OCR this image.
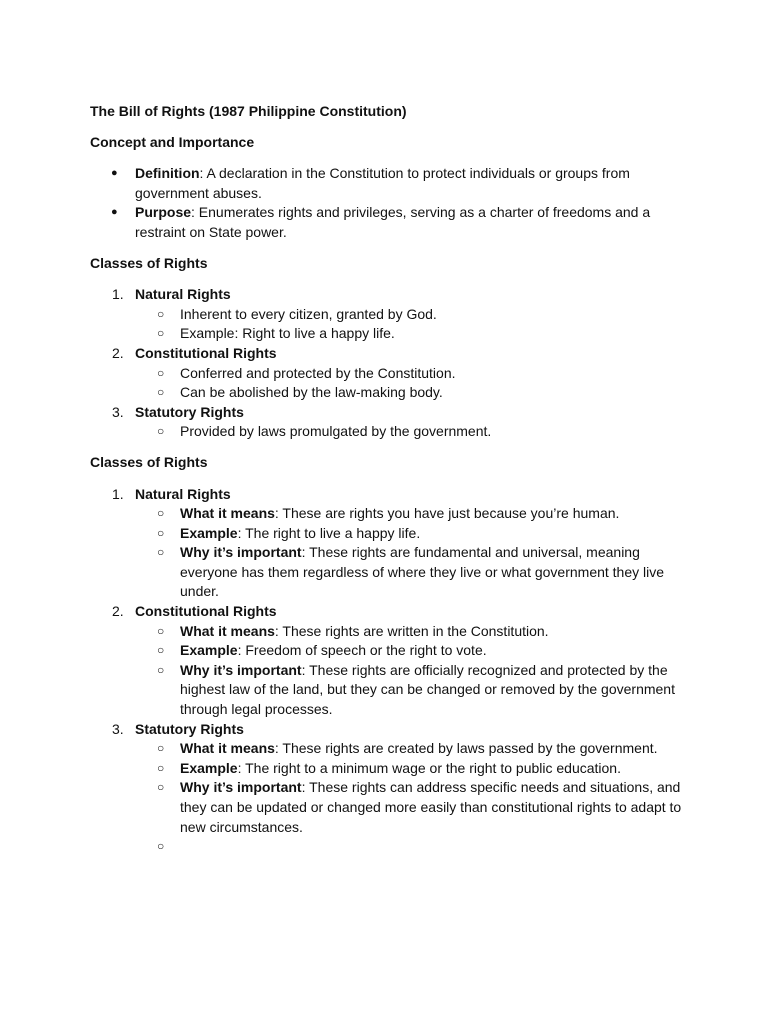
The Bill of Rights (1987 Philippine Constitution)
Concept and Importance
● Definition: A declaration in the Constitution to protect individuals or groups from government abuses.
● Purpose: Enumerates rights and privileges, serving as a charter of freedoms and a restraint on State power.
Classes of Rights
1. Natural Rights
○ Inherent to every citizen, granted by God.
○ Example: Right to live a happy life.
2. Constitutional Rights
○ Conferred and protected by the Constitution.
○ Can be abolished by the law-making body.
3. Statutory Rights
○ Provided by laws promulgated by the government.
Classes of Rights
1. Natural Rights
○ What it means: These are rights you have just because you’re human.
○ Example: The right to live a happy life.
○ Why it’s important: These rights are fundamental and universal, meaning everyone has them regardless of where they live or what government they live under.
2. Constitutional Rights
○ What it means: These rights are written in the Constitution.
○ Example: Freedom of speech or the right to vote.
○ Why it’s important: These rights are officially recognized and protected by the highest law of the land, but they can be changed or removed by the government through legal processes.
3. Statutory Rights
○ What it means: These rights are created by laws passed by the government.
○ Example: The right to a minimum wage or the right to public education.
○ Why it’s important: These rights can address specific needs and situations, and they can be updated or changed more easily than constitutional rights to adapt to new circumstances.
○
